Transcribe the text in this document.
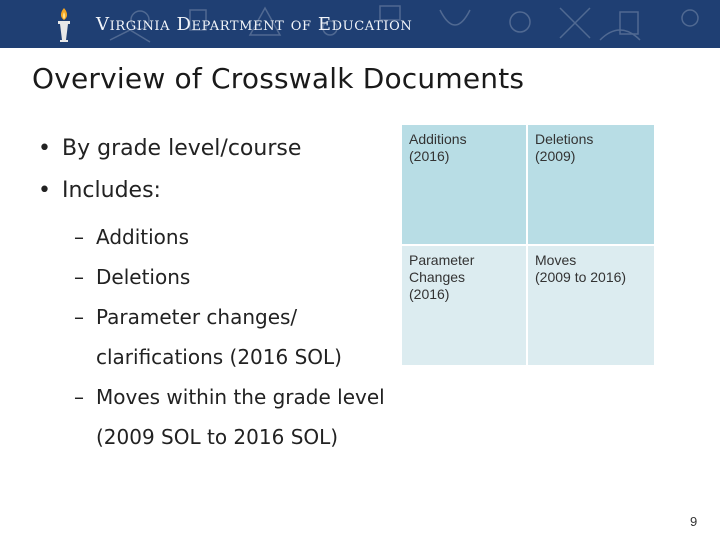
Virginia Department of Education
Overview of Crosswalk Documents
• By grade level/course
• Includes:
– Additions
– Deletions
– Parameter changes/
clarifications (2016 SOL)
– Moves within the grade level
(2009 SOL to 2016 SOL)
Additions
(2016)
Deletions
(2009)
Parameter
Changes
(2016)
Moves
(2009 to 2016)
9
